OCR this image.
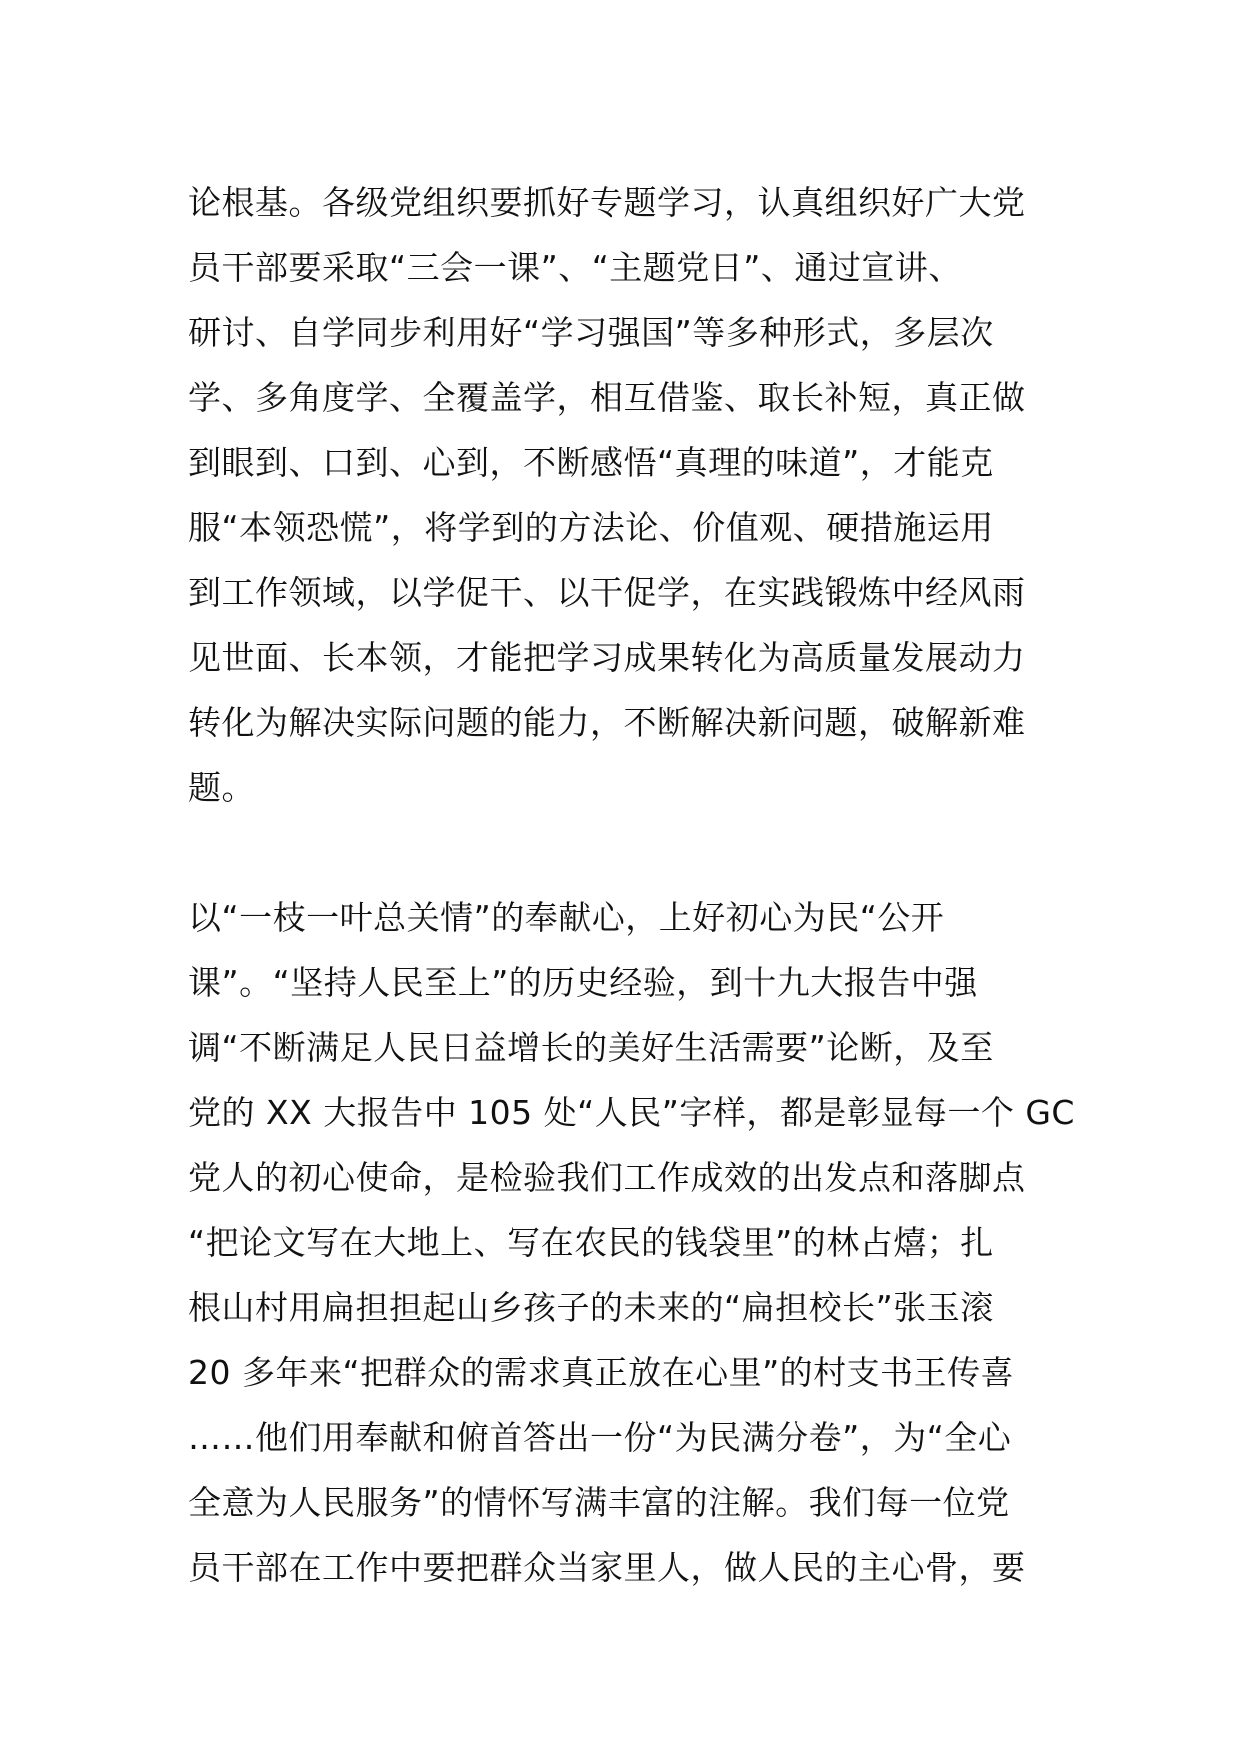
论根基。各级党组织要抓好专题学习，认真组织好广大党
员干部要采取“三会一课”、“主题党日”、通过宣讲、
研讨、自学同步利用好“学习强国”等多种形式，多层次
学、多角度学、全覆盖学，相互借鉴、取长补短，真正做
到眼到、口到、心到，不断感悟“真理的味道”，才能克
服“本领恐慌”，将学到的方法论、价值观、硬措施运用
到工作领域，以学促干、以干促学，在实践锻炼中经风雨
见世面、长本领，才能把学习成果转化为高质量发展动力
转化为解决实际问题的能力，不断解决新问题，破解新难
题。
以“一枝一叶总关情”的奉献心，上好初心为民“公开
课”。“坚持人民至上”的历史经验，到十九大报告中强
调“不断满足人民日益增长的美好生活需要”论断，及至
党的 XX 大报告中 105 处“人民”字样，都是彰显每一个 GC
党人的初心使命，是检验我们工作成效的出发点和落脚点
“把论文写在大地上、写在农民的钱袋里”的林占熺；扎
根山村用扁担担起山乡孩子的未来的“扁担校长”张玉滚
20 多年来“把群众的需求真正放在心里”的村支书王传喜
……他们用奉献和俯首答出一份“为民满分卷”，为“全心
全意为人民服务”的情怀写满丰富的注解。我们每一位党
员干部在工作中要把群众当家里人，做人民的主心骨，要
